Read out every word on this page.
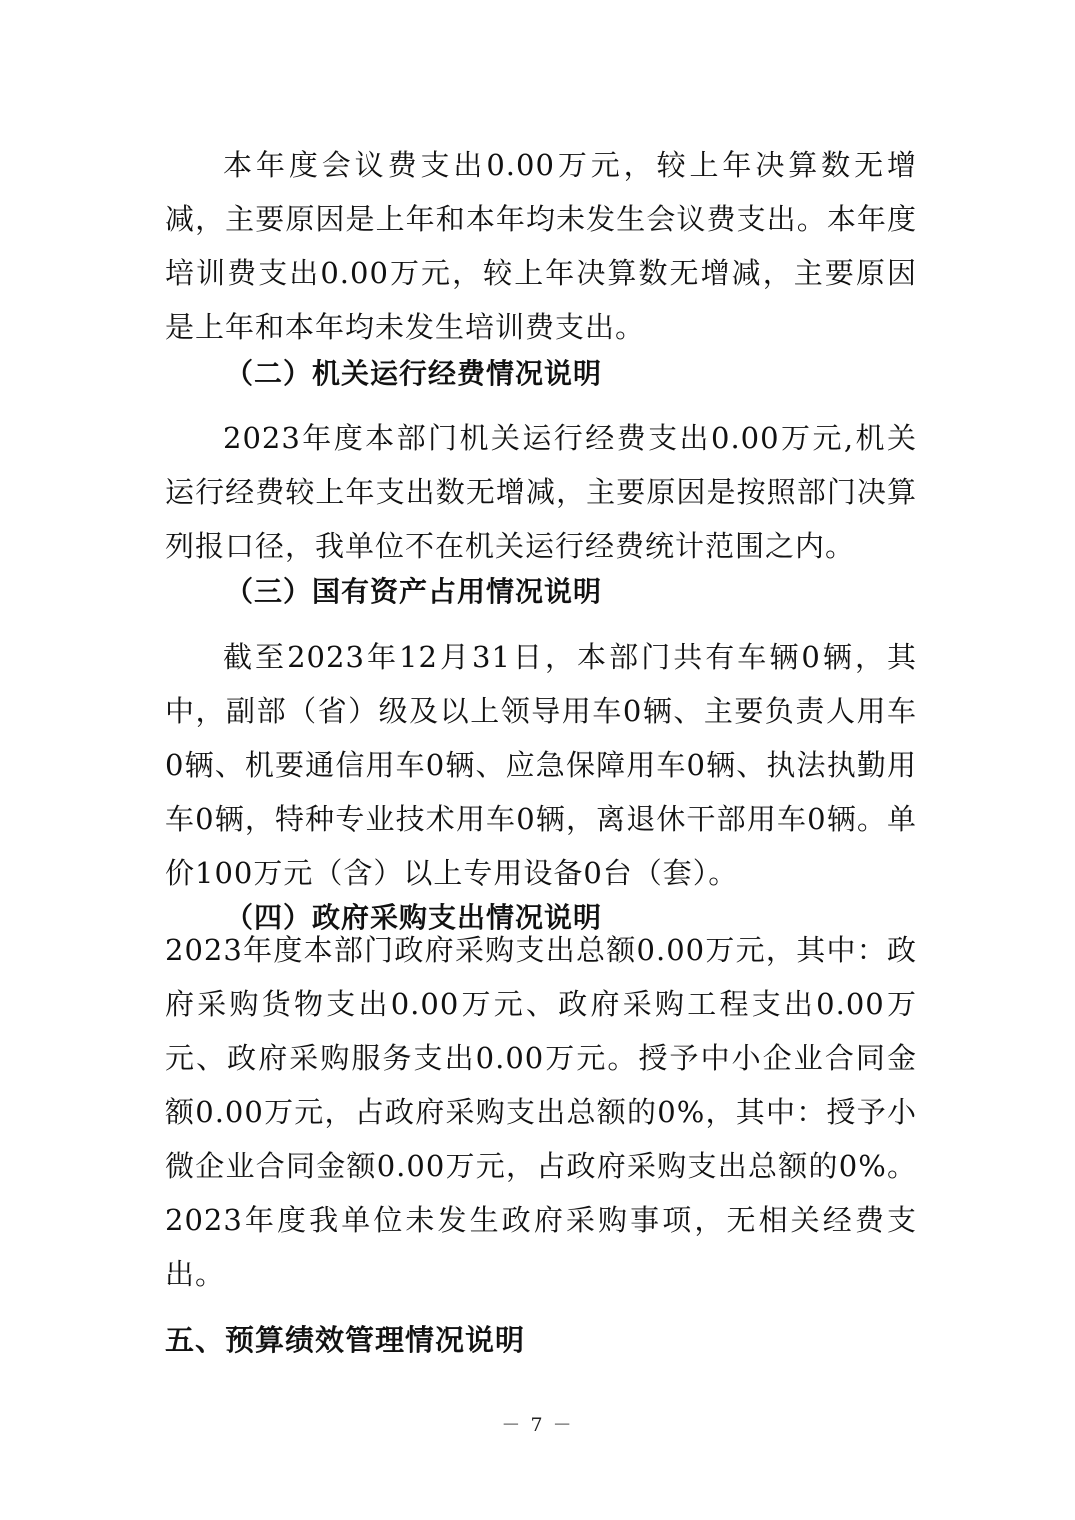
本年度会议费支出0.00万元，较上年决算数无增减，主要原因是上年和本年均未发生会议费支出。本年度培训费支出0.00万元，较上年决算数无增减，主要原因是上年和本年均未发生培训费支出。

（二）机关运行经费情况说明

2023年度本部门机关运行经费支出0.00万元,机关运行经费较上年支出数无增减，主要原因是按照部门决算列报口径，我单位不在机关运行经费统计范围之内。

（三）国有资产占用情况说明

截至2023年12月31日，本部门共有车辆0辆，其中，副部（省）级及以上领导用车0辆、主要负责人用车0辆、机要通信用车0辆、应急保障用车0辆、执法执勤用车0辆，特种专业技术用车0辆，离退休干部用车0辆。单价100万元（含）以上专用设备0台（套）。

（四）政府采购支出情况说明

2023年度本部门政府采购支出总额0.00万元，其中：政府采购货物支出0.00万元、政府采购工程支出0.00万元、政府采购服务支出0.00万元。授予中小企业合同金额0.00万元，占政府采购支出总额的0%，其中：授予小微企业合同金额0.00万元，占政府采购支出总额的0%。2023年度我单位未发生政府采购事项，无相关经费支出。

五、预算绩效管理情况说明
－ 7 －
